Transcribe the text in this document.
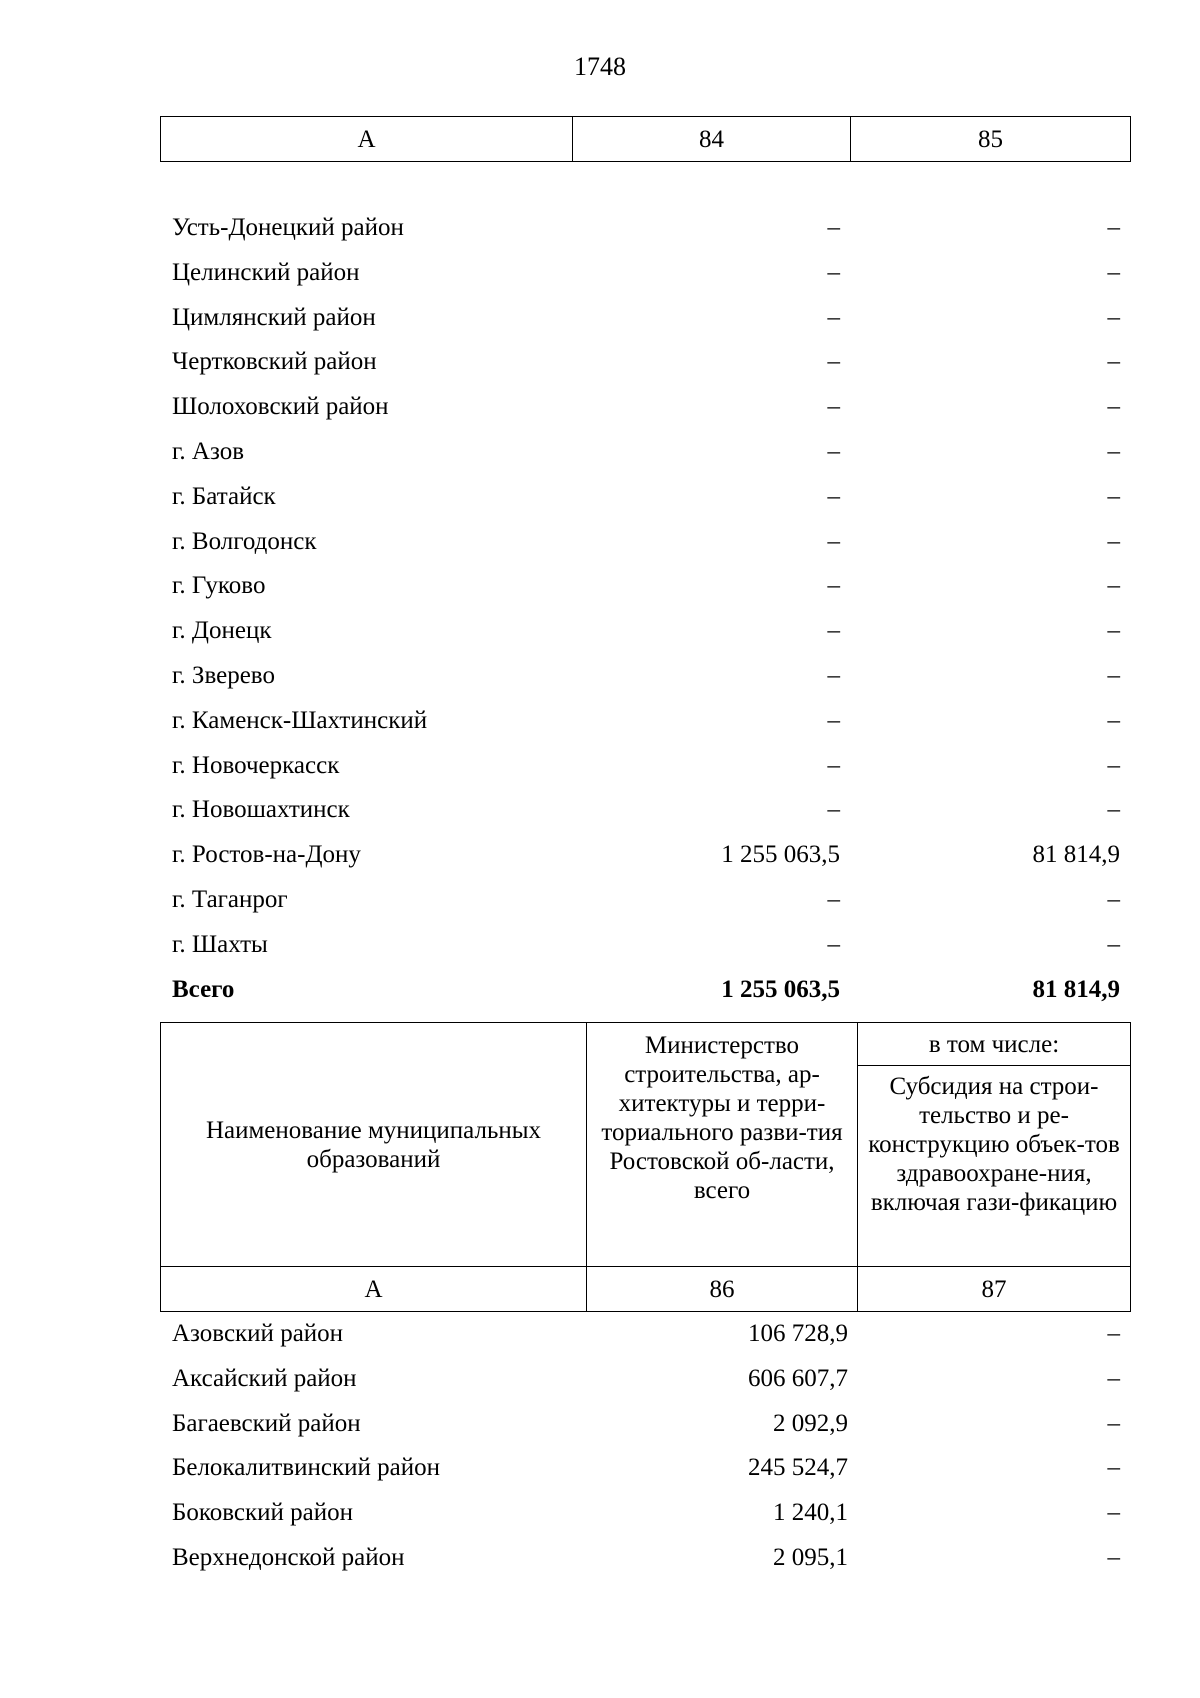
1748
А	84	85
Усть-Донецкий район	–	–
Целинский район	–	–
Цимлянский район	–	–
Чертковский район	–	–
Шолоховский район	–	–
г. Азов	–	–
г. Батайск	–	–
г. Волгодонск	–	–
г. Гуково	–	–
г. Донецк	–	–
г. Зверево	–	–
г. Каменск-Шахтинский	–	–
г. Новочеркасск	–	–
г. Новошахтинск	–	–
г. Ростов-на-Дону	1 255 063,5	81 814,9
г. Таганрог	–	–
г. Шахты	–	–
Всего	1 255 063,5	81 814,9
Наименование муниципальных образований	Министерство строительства, ар-хитектуры и терри-ториального разви-тия Ростовской об-ласти, всего	в том числе:
		Субсидия на строи-тельство и ре-конструкцию объек-тов здравоохране-ния, включая гази-фикацию
А	86	87
Азовский район	106 728,9	–
Аксайский район	606 607,7	–
Багаевский район	2 092,9	–
Белокалитвинский район	245 524,7	–
Боковский район	1 240,1	–
Верхнедонской район	2 095,1	–
